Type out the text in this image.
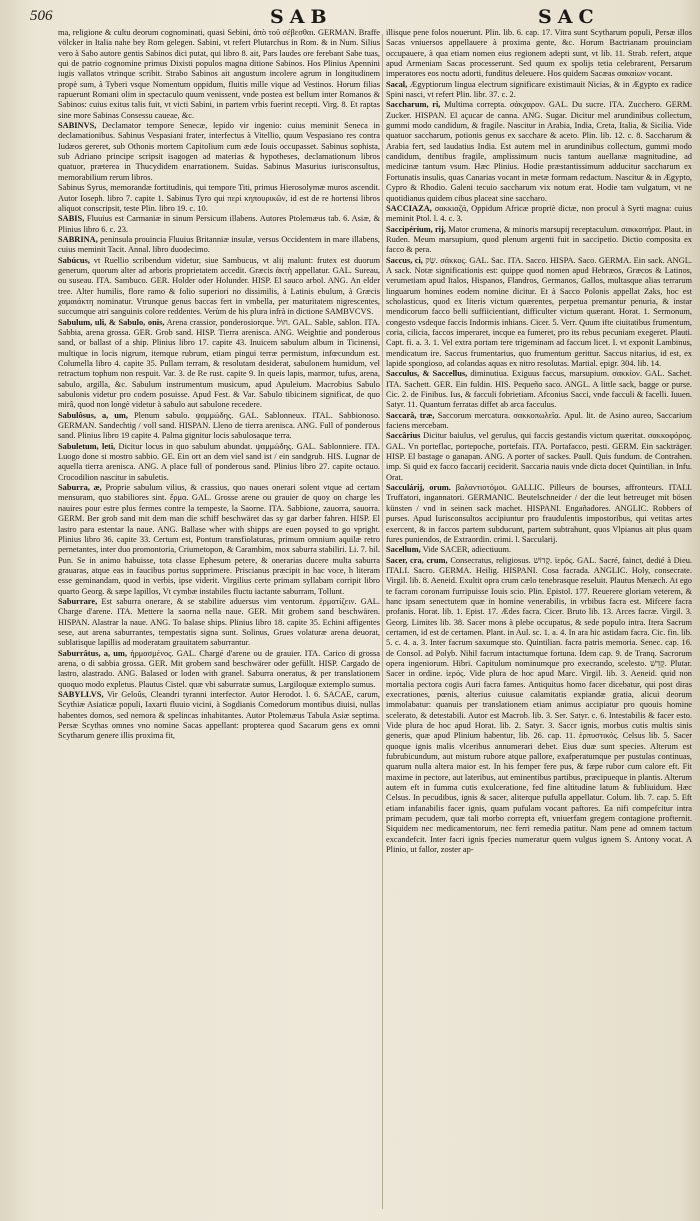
506	SAB	SAC

ma, religione & cultu deorum cognominati, quasi Sebini, ἀπὸ τοῦ σέβεσθαι. GERMAN. Braffe völcker in Italia nahe bey Rom gelegen. Sabini, vt refert Plutarchus in Rom. & in Num. Silius vero à Sabo autore gentis Sabinos dici putat, qui libro 8. ait, Pars laudes ore ferebant Sabe tuas, qui de patrio cognomine primus Dixisti populos magna ditione Sabinos. Hos Plinius Apennini iugis vallatos vtrinque scribit. Strabo Sabinos ait angustum incolere agrum in longitudinem propè sum, à Tyberi vsque Nomentum oppidum, fluitis mille vique ad Vestinos. Horum filias rapuerunt Romani olim in spectaculo quum venissent, vnde postea est bellum inter Romanos & Sabinos: cuius exitus talis fuit, vt victi Sabini, in partem vrbis fuerint recepti. Virg. 8. Et raptas sine more Sabinas Consessu caueae, &c.

SABINVS, Declamator tempore Senecæ, lepido vir ingenio: cuius meminit Seneca in declamationibus. Sabinus Vespasiani frater, interfectus à Vitellio, quum Vespasiano res contra Iudæos gereret, sub Othonis mortem Capitolium cum æde Iouis occupasset. Sabinus sophista, sub Adriano principe scripsit isagogen ad materias & hypotheses, declamationum libros quatuor, præterea in Thucydidem enarrationem. Suidas. Sabinus Masurius iurisconsultus, memorabilium rerum libros.

Sabinus Syrus, memorandæ fortitudinis, qui tempore Titi, primus Hierosolymæ muros ascendit. Autor Ioseph. libro 7. capite 1. Sabinus Tyro qui περὶ κηπουρικῶν, id est de re hortensi libros aliquot conscripsit, teste Plin. libro 19. c. 10.

SABIS, Fluuius est Carmaniæ in sinum Persicum illabens. Autores Ptolemæus tab. 6. Asiæ, & Plinius libro 6. c. 23.

SABRINA, peninsula prouincia Fluuius Britanniæ insulæ, versus Occidentem in mare illabens, cuius meminit Tacit. Annal. libro duodecimo.

Sabúcus, vt Ruellio scribendum videtur, siue Sambucus, vt alij malunt: frutex est duorum generum, quorum alter ad arboris proprietatem accedit. Græcis ἀκτὴ appellatur. GAL. Sureau, ou suseau. ITA. Sambuco. GER. Holder oder Holunder. HISP. El sauco arbol. ANG. An elder tree. Alter humilis, flore ramo & folio superiori no dissimilis, à Latinis ebulum, à Græcis χαμαιάκτη nominatur. Vtrunque genus baccas fert in vmbella, per maturitatem nigrescentes, succumque atri sanguinis colore reddentes. Verùm de his plura infrà in dictione SAMBVCVS.

Sabulum, uli, & Sabulo, onis, Arena crassior, ponderosiorque. חוֹל. GAL. Sable, sablon. ITA. Sabbia, arena grossa. GER. Grob sand. HISP. Tierra arenisca. ANG. Weightie and ponderous sand, or ballast of a ship. Plinius libro 17. capite 43. Inuicem sabulum album in Ticinensi, multique in locis nigrum, itemque rubrum, etiam pingui terræ permistum, infœcundum est. Columella libro 4. capite 35. Pullam terram, & resolutam desiderat, sabulonem humidum, vel retractum tophum non respuit. Var. 3. de Re rust. capite 9. In queis lapis, marmor, tufus, arena, sabulo, argilla, &c. Sabulum instrumentum musicum, apud Apuleium. Macrobius Sabulo sabulonis videtur pro codem posuisse. Apud Fest. & Var. Sabulo tibicinem significat, de quo mirâ, quod non longè videtur à sabulo aut sabulone recedere.

Sabulôsus, a, um, Plenum sabulo. ψαμμώδης. GAL. Sablonneux. ITAL. Sabbionoso. GERMAN. Sandechtig / voll sand. HISPAN. Lleno de tierra arenisca. ANG. Full of ponderous sand. Plinius libro 19 capite 4. Palma gignitur locis sabulosaque terra.

Sabuletum, leti, Dicitur locus in quo sabulum abundat. ψαμμώδης. GAL. Sablonniere. ITA. Luogo done si mostro sabbio. GE. Ein ort an dem viel sand ist / ein sandgrub. HIS. Lugnar de aquella tierra arenisca. ANG. A place full of ponderous sand. Plinius libro 27. capite octauo. Crocodilion nascitur in sabuletis.

Saburra, æ, Proprie sabulum vilius, & crassius, quo naues onerari solent vtque ad certam mensuram, quo stabiliores sint. ἕρμα. GAL. Grosse arene ou grauier de quoy on charge les nauires pour estre plus fermes contre la tempeste, la Saorne. ITA. Sabbione, zauorra, sauorra. GERM. Ber grob sand mit dem man die schiff beschwäret das sy gar darber fahren. HISP. El lastro para estentar la naue. ANG. Ballase wher with shipps are euen poysed to go vpright. Plinius libro 36. capite 33. Certum est, Pontum transfiolaturas, primum omnium aquilæ retro pernetantes, inter duo promontoria, Criumetopon, & Carambim, mox saburra stabiliri. Li. 7. hil. Pun. Se in animo habuisse, tota classe Ephesum petere, & onerarias ducere multa saburra grauaras, atque eas in faucibus portus supprimere. Priscianus præcipit in hac voce, h literam esse geminandam, quod in verbis, ipse viderit. Virgilius certe primam syllabam corripit libro quarto Georg. & sæpe lapillos, Vt cymbæ instabiles fluctu iactante saburram, Tollunt.

Saburrare, Est saburra onerare, & se stabilire aduersus vim ventorum. ἑρματίζειν. GAL. Charge d'arene. ITA. Mettere la saorna nella naue. GER. Mit grobem sand beschwären. HISPAN. Alastrar la naue. ANG. To balase ships. Plinius libro 18. capite 35. Echini affigentes sese, aut arena saburrantes, tempestatis signa sunt. Solinus, Grues volaturæ arena deuorat, sublatisque lapillis ad moderatam grauitatem saburrantur.

Saburrâtus, a, um, ἠρμασμένος. GAL. Chargé d'arene ou de grauier. ITA. Carico di grossa arena, o di sabbia grossa. GER. Mit grobem sand beschwärer oder gefüllt. HISP. Cargado de lastro, alastrado. ANG. Balased or loden with granel. Saburra oneratus, & per translationem quoquo modo expletus. Plautus Cistel. quæ vbi saburratæ sumus, Largiloquæ extemplo sumus.

SABYLLVS, Vir Geloûs, Cleandri tyranni interfector. Autor Herodot. l. 6. SACAE, carum, Scythiæ Asiaticæ populi, Iaxarti fluuio vicini, à Sogdianis Comedorum montibus diuisi, nullas habentes domos, sed nemora & spelincas inhabitantes. Autor Ptolemæus Tabula Asiæ septima. Persæ Scythas omnes vno nomine Sacas appellant: propterea quod Sacarum gens ex omni Scytharum genere illis proxima fit,

illisque pene folos nouerunt. Plin. lib. 6. cap. 17. Vitra sunt Scytharum populi, Persæ illos Sacas vniuersos appellauere à proxima gente, &c. Horum Bactrianam prouinciam occupauere, à qua etiam nomen eius regionem adepti sunt, vt lib. 11. Strab. refert, atque apud Armeniam Sacas processerunt. Sed quum ex spolijs tetia celebrarent, Persarum imperatores eos noctu adorti, funditus deleuere. Hos quidem Sacæas σακαίων vocant.

Sacal, Ægyptiorum lingua electrum significare existimauit Nicias, & in Ægypto ex radice Spini nasci, vt refert Plin. libr. 37. c. 2.

Saccharum, ri, Multima correpta. σάκχαρον. GAL. Du sucre. ITA. Zucchero. GERM. Zucker. HISPAN. El açucar de canna. ANG. Sugar. Dicitur mel arundinibus collectum, gummi modo candidum, & fragile. Nascitur in Arabia, India, Creta, Italia, & Sicilia. Vide quatuor saccharum, potionis genus ex sacchare & aceto. Plin. lib. 12. c. 8. Saccharum & Arabia fert, sed laudatius India. Est autem mel in arundinibus collectum, gummi modo candidum, dentibus fragile, amplissimum nucis tantum auellanæ magnitudine, ad medicinæ tantum vsum. Hæc Plinius. Hodie præstantissimum adducitur saccharum ex Fortunatis insulis, quas Canarias vocant in metæ formam redactum. Nascitur & in Ægypto, Cypro & Rhodio. Galeni tecuio saccharum vix notum erat. Hodie tam vulgatum, vt ne quotidianus quidem cibus placeat sine saccharo.

SACCIAZA, σακκιαζά, Oppidum Africæ propriè dictæ, non procul à Syrti magna: cuius meminit Ptol. l. 4. c. 3.

Saccipérium, rij, Mator crumena, & minoris marsupij receptaculum. σακκοπήρα. Plaut. in Ruden. Meum marsupium, quod plenum argenti fuit in saccipetio. Dictio composita ex facco & pera.

Saccus, ci, שַׂק. σάκκος. GAL. Sac. ITA. Sacco. HISPA. Saco. GERMA. Ein sack. ANGL. A sack. Notæ significationis est: quippe quod nomen apud Hebræos, Græcos & Latinos, verumetiam apud Italos, Hispanos, Flandros, Germanos, Gallos, multasque alias terrarum linguarum homines eodem nomine dicitur. Et à Sacco Polonis appellat Zaks, hoc est scholasticus, quod ex literis victum quærentes, perpetua premantur penuria, & instar mendicorum facco belli suffiicientiant, difficulter victum quærant. Horat. 1. Sermonum, congesto vsdeque faccis Indormis inhians. Cicer. 5. Verr. Quum ifte ciuitatibus frumentum, coria, cilicia, faccos imperaret, incque ea fumeret, pro its rebus pecuniam exegeret. Plauti. Capt. fi. a. 3. 1. Vel extra portam tere trigeminam ad faccum licet. I. vt exponit Lambinus, mendicatum ire. Saccus frumentarius, quo frumentum gerittur. Saccus nitarius, id est, ex lapide spongioso, ad colandas aquas ex nitro resolutas. Martial. epigr. 304. lib. 14.

Sacculus, & Saccellus, diminutiua. Exiguus faccus, marsupium. σακκίον. GAL. Sachet. ITA. Sachett. GER. Ein fuldin. HIS. Pequeño saco. ANGL. A little sack, bagge or purse. Cic. 2. de Finibus. Ius, & facculi fobrietiam. Afconius Sacci, vnde facculi & facelli. Iuuen. Satyr. 11. Quantum ferratas diffet ab arca facculus.

Saccarâ, træ, Saccorum mercatura. σακκοπωλεῖα. Apul. lit. de Asino aureo, Saccarium faciens mercebam.

Saccârius Dicitur baiulus, vel gerulus, qui faccis gestandis victum quæritat. σακκοφόρος. GAL. Vn porteflac, portepoche, portefais. ITA. Portafacco, pesti. GERM. Ein sackträger. HISP. El bastage o ganapan. ANG. A porter of sackes. Paull. Quis fundum. de Contrahen. imp. Si quid ex facco faccarij ceciderit. Saccaria nauis vnde dicta docet Quintilian. in Infu. Orat.

Sacculárij, orum. βαλαντιοτόμοι. GALLIC. Pilleurs de bourses, affronteurs. ITALI. Truffatori, ingannatori. GERMANIC. Beutelschneider / der die leut betreuget mit bösen künsten / vnd in seinen sack machet. HISPANI. Engañadores. ANGLIC. Robbers of purses. Apud Iurisconsultos accipiuntur pro fraudulentis impostoribus, qui vetitas artes exercent, & in faccos partem subducunt, partem subtrahunt, quos Vlpianus ait plus quam fures puniendos, de Extraordin. crimi. l. Saccularij.

Sacellum, Vide SACER, adiectiuum.

Sacer, cra, crum, Consecratus, religiosus. קָדוֹשׁ. ἱερός. GAL. Sacré, fainct, dedié à Dieu. ITALI. Sacro. GERMA. Heilig. HISPANI. Cosa facrada. ANGLIC. Holy, consecrate. Virgil. lib. 8. Aeneid. Exultit opra crum cælo tenebrasque reseluit. Plautus Menæch. At ego te facram coronam furripuisse Iouis scio. Plin. Epistol. 177. Reuerere gloriam veterem, & hanc ipsam senectutem quæ in homine venerabilis, in vrbibus facra est. Mifcere facra profanis. Horat. lib. 1. Epist. 17. Ædes facra. Cicer. Bruto lib. 13. Arces facræ. Virgil. 3. Georg. Limites lib. 38. Sacer mons à plebe occupatus, & sede populo intra. Itera Sacrum certamen, id est de certamen. Plant. in Aul. sc. 1. a. 4. In ara hic astidam facra. Cic. fin. lib. 5. c. 4. a. 3. Inter facrum saxumque sto. Quintilian. facra patris memoria. Senec. cap. 16. de Consol. ad Polyb. Nihil facrum intactumque fortuna. Idem cap. 9. de Tranq. Sacrorum opera ingeniorum. Hibri. Capitulum nominumque pro execrando, scelesto. קֶדֵשׁ. Plutar. Sacer in ordine. ἱερός. Vide plura de hoc apud Marc. Virgil. lib. 3. Aeneid. quid non mortalia pectora cogis Auri facra fames. Antiquitus homo facer dicebatur, qui post diras execrationes, pœnis, alterius cuiusue calamitatis expiandæ gratia, alicui deorum immolabatur: quanuis per translationem etiam animus accipiatur pro quouis homine scelerato, & detestabili. Autor est Macrob. lib. 3. Ser. Satyr. c. 6. Intestabilis & facer esto. Vide plura de hoc apud Horat. lib. 2. Satyr. 3. Saccr ignis, morbus cutis multis sinis generis, quæ apud Plinium habentur, lib. 26. cap. 11. ἑρπυστικός. Celsus lib. 5. Sacer quoque ignis malis vlceribus annumerari debet. Eius duæ sunt species. Alterum est fubrubicundum, aut mistum rubore atque pallore, exafperatumque per pustulas continuas, quarum nulla altera maior est. In his femper fere pus, & fæpe rubor cum calore eft. Fit maxime in pectore, aut lateribus, aut eminentibus partibus, præcipueque in plantis. Alterum autem eft in fumma cutis exulceratione, fed fine altitudine latum & fubliuidum. Hæc Celsus. In pecudibus, ignis & sacer, aliterque pufulla appellatur. Colum. lib. 7. cap. 5. Eft etiam infanabilis facer ignis, quam pufulam vocant paftores. Ea nifi compefcitur intra primam pecudem, quæ tali morbo correpta eft, vniuerfam gregem contagione profternit. Siquidem nec medicamentorum, nec ferri remedia patitur. Nam pene ad omnem tactum excandefcit. Inter facri ignis fpecies numeratur quem vulgus ignem S. Antony vocat. A Plinio, ut fallor, zoster ap-
